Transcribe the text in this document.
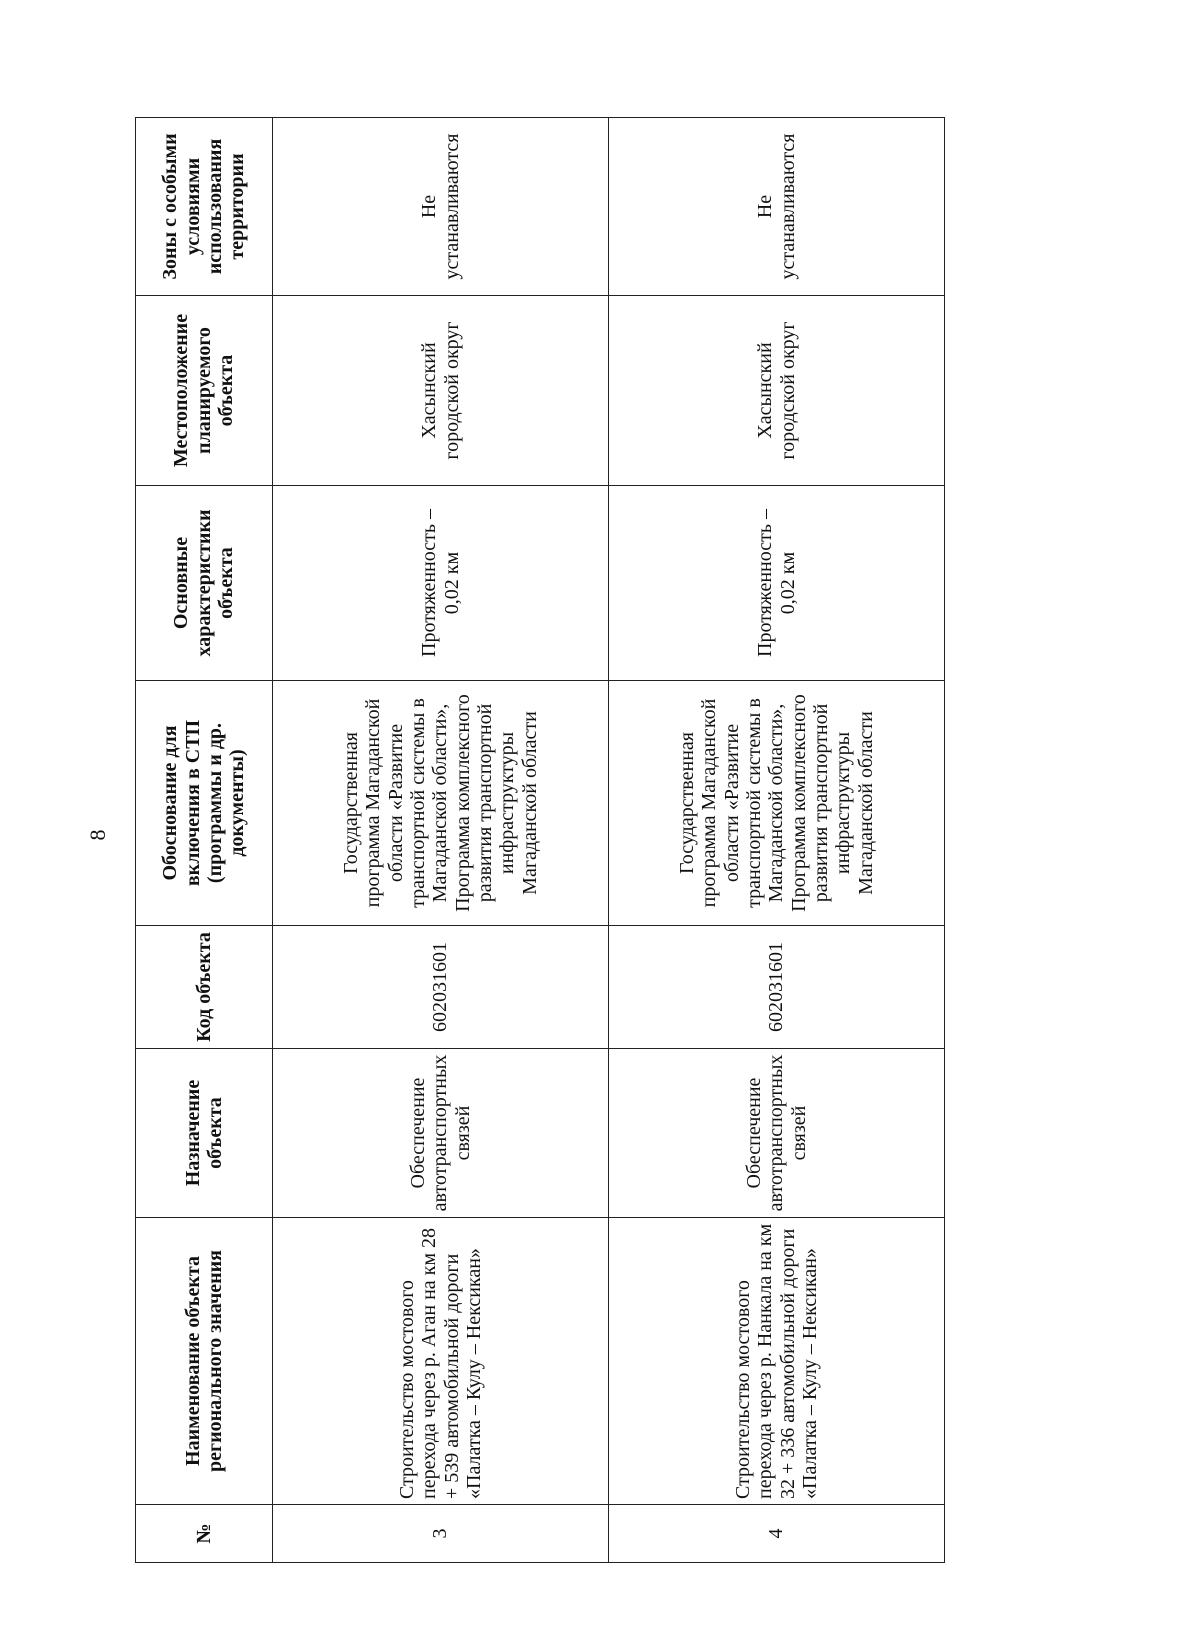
8
№	Наименование объекта регионального значения	Назначение объекта	Код объекта	Обоснование для включения в СТП (программы и др. документы)	Основные характеристики объекта	Местоположение планируемого объекта	Зоны с особыми условиями использования территории
3	Строительство мостового перехода через р. Аган на км 28 + 539 автомобильной дороги «Палатка – Кулу – Нексикан»	Обеспечение автотранспортных связей	602031601	Государственная программа Магаданской области «Развитие транспортной системы в Магаданской области», Программа комплексного развития транспортной инфраструктуры Магаданской области	Протяженность – 0,02 км	Хасынский городской округ	Не устанавливаются
4	Строительство мостового перехода через р. Нанкала на км 32 + 336 автомобильной дороги «Палатка – Кулу – Нексикан»	Обеспечение автотранспортных связей	602031601	Государственная программа Магаданской области «Развитие транспортной системы в Магаданской области», Программа комплексного развития транспортной инфраструктуры Магаданской области	Протяженность – 0,02 км	Хасынский городской округ	Не устанавливаются
